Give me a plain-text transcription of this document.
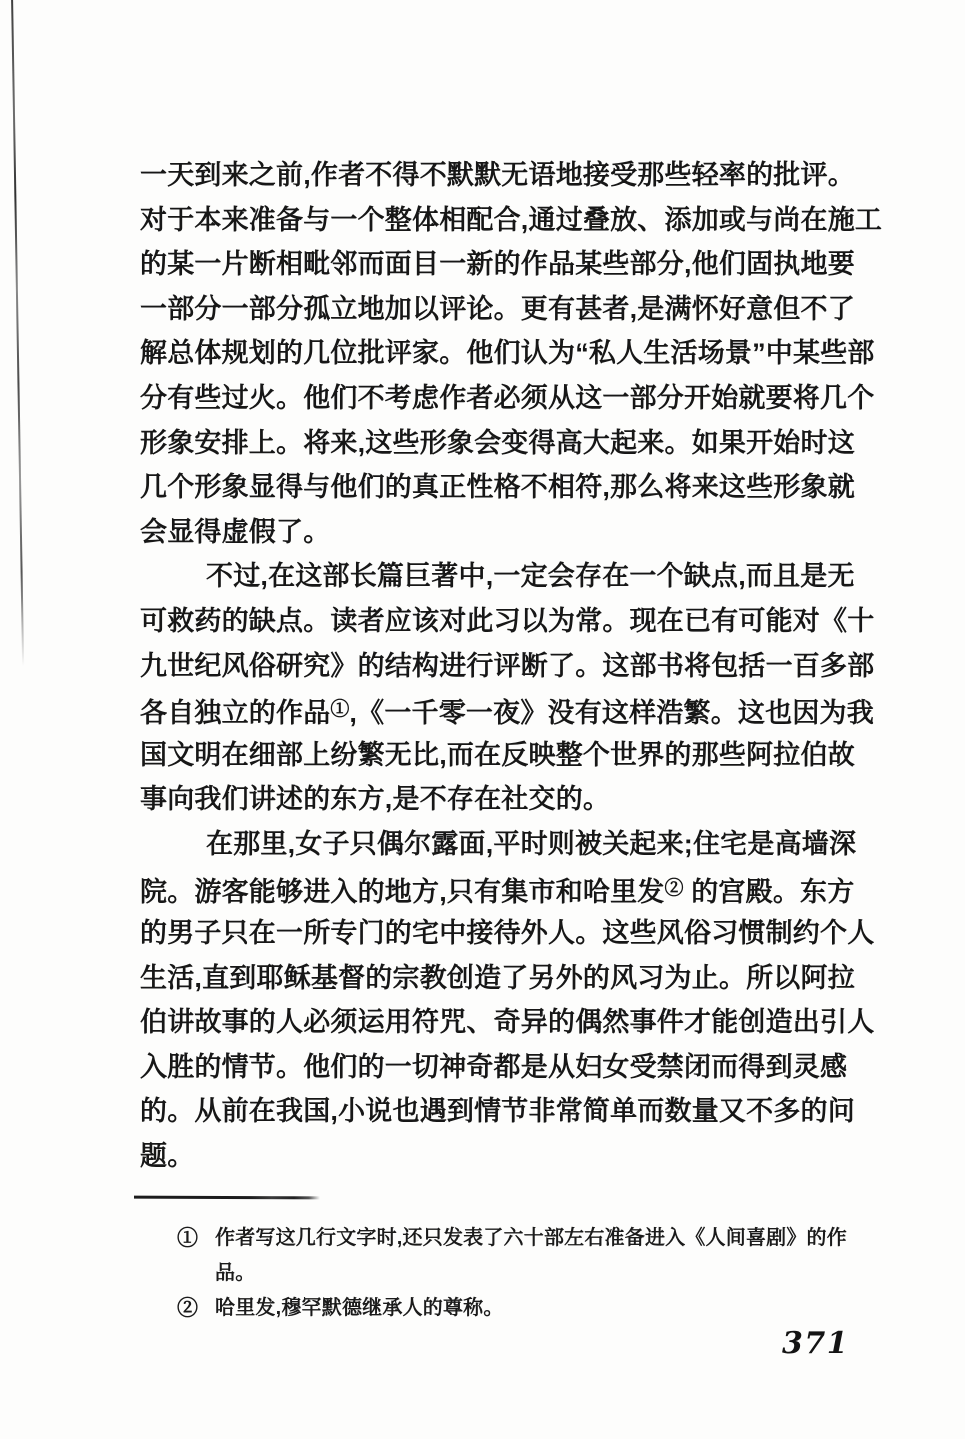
一天到来之前,作者不得不默默无语地接受那些轻率的批评。
对于本来准备与一个整体相配合,通过叠放、添加或与尚在施工
的某一片断相毗邻而面目一新的作品某些部分,他们固执地要
一部分一部分孤立地加以评论。更有甚者,是满怀好意但不了
解总体规划的几位批评家。他们认为“私人生活场景”中某些部
分有些过火。他们不考虑作者必须从这一部分开始就要将几个
形象安排上。将来,这些形象会变得高大起来。如果开始时这
几个形象显得与他们的真正性格不相符,那么将来这些形象就
会显得虚假了。
不过,在这部长篇巨著中,一定会存在一个缺点,而且是无
可救药的缺点。读者应该对此习以为常。现在已有可能对《十
九世纪风俗研究》的结构进行评断了。这部书将包括一百多部
各自独立的作品①,《一千零一夜》没有这样浩繁。这也因为我
国文明在细部上纷繁无比,而在反映整个世界的那些阿拉伯故
事向我们讲述的东方,是不存在社交的。
在那里,女子只偶尔露面,平时则被关起来;住宅是高墙深
院。游客能够进入的地方,只有集市和哈里发② 的宫殿。东方
的男子只在一所专门的宅中接待外人。这些风俗习惯制约个人
生活,直到耶稣基督的宗教创造了另外的风习为止。所以阿拉
伯讲故事的人必须运用符咒、奇异的偶然事件才能创造出引人
入胜的情节。他们的一切神奇都是从妇女受禁闭而得到灵感
的。从前在我国,小说也遇到情节非常简单而数量又不多的问
题。
① 作者写这几行文字时,还只发表了六十部左右准备进入《人间喜剧》的作
品。
② 哈里发,穆罕默德继承人的尊称。
371
